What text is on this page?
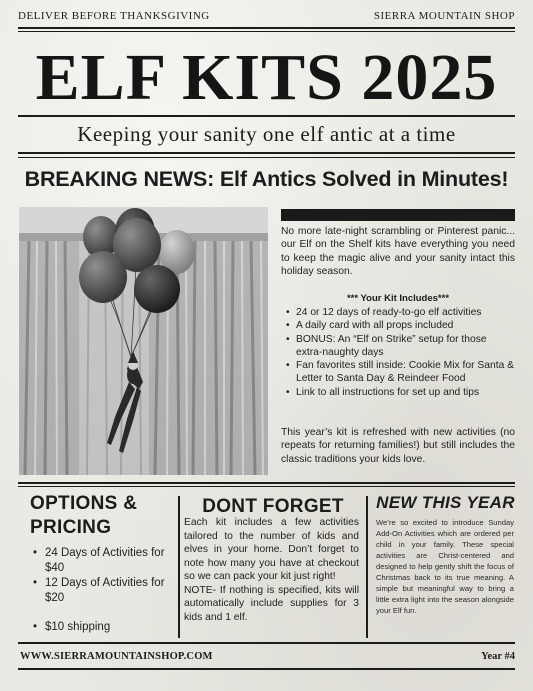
DELIVER BEFORE THANKSGIVING	SIERRA MOUNTAIN SHOP
ELF KITS 2025
Keeping your sanity one elf antic at a time
BREAKING NEWS: Elf Antics Solved in Minutes!
No more late-night scrambling or Pinterest panic... our Elf on the Shelf kits have everything you need to keep the magic alive and your sanity intact this holiday season.
*** Your Kit Includes***
• 24 or 12 days of ready-to-go elf activities
• A daily card with all props included
• BONUS: An “Elf on Strike” setup for those extra-naughty days
• Fan favorites still inside: Cookie Mix for Santa & Letter to Santa Day & Reindeer Food
• Link to all instructions for set up and tips
This year’s kit is refreshed with new activities (no repeats for returning families!) but still includes the classic traditions your kids love.
OPTIONS &
PRICING
• 24 Days of Activities for $40
• 12 Days of Activities for $20
• $10 shipping
DONT FORGET
Each kit includes a few activities tailored to the number of kids and elves in your home. Don’t forget to note how many you have at checkout so we can pack your kit just right!
NOTE- If nothing is specified, kits will automatically include supplies for 3 kids and 1 elf.
NEW THIS YEAR
We’re so excited to introduce Sunday Add-On Activities which are ordered per child in your family. These special activities are Christ-centered and designed to help gently shift the focus of Christmas back to its true meaning. A simple but meaningful way to bring a little extra light into the season alongside your Elf fun.
WWW.SIERRAMOUNTAINSHOP.COM	Year #4
